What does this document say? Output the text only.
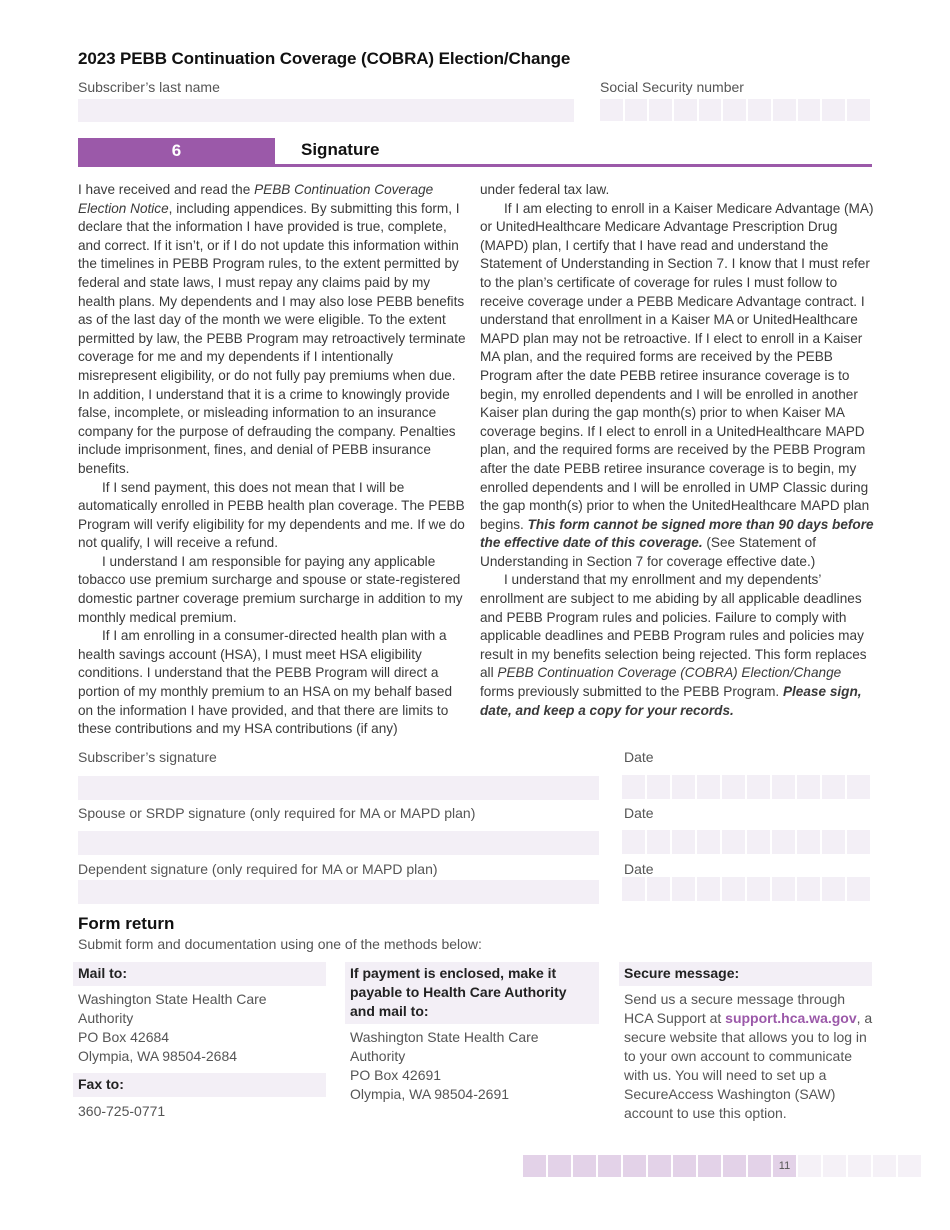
2023 PEBB Continuation Coverage (COBRA) Election/Change
Subscriber’s last name	Social Security number
6	Signature

I have received and read the PEBB Continuation Coverage Election Notice, including appendices. By submitting this form, I declare that the information I have provided is true, complete, and correct. If it isn’t, or if I do not update this information within the timelines in PEBB Program rules, to the extent permitted by federal and state laws, I must repay any claims paid by my health plans. My dependents and I may also lose PEBB benefits as of the last day of the month we were eligible. To the extent permitted by law, the PEBB Program may retroactively terminate coverage for me and my dependents if I intentionally misrepresent eligibility, or do not fully pay premiums when due. In addition, I understand that it is a crime to knowingly provide false, incomplete, or misleading information to an insurance company for the purpose of defrauding the company. Penalties include imprisonment, fines, and denial of PEBB insurance benefits.

If I send payment, this does not mean that I will be automatically enrolled in PEBB health plan coverage. The PEBB Program will verify eligibility for my dependents and me. If we do not qualify, I will receive a refund.

I understand I am responsible for paying any applicable tobacco use premium surcharge and spouse or state-registered domestic partner coverage premium surcharge in addition to my monthly medical premium.

If I am enrolling in a consumer-directed health plan with a health savings account (HSA), I must meet HSA eligibility conditions. I understand that the PEBB Program will direct a portion of my monthly premium to an HSA on my behalf based on the information I have provided, and that there are limits to these contributions and my HSA contributions (if any)

under federal tax law.

If I am electing to enroll in a Kaiser Medicare Advantage (MA) or UnitedHealthcare Medicare Advantage Prescription Drug (MAPD) plan, I certify that I have read and understand the Statement of Understanding in Section 7. I know that I must refer to the plan’s certificate of coverage for rules I must follow to receive coverage under a PEBB Medicare Advantage contract. I understand that enrollment in a Kaiser MA or UnitedHealthcare MAPD plan may not be retroactive. If I elect to enroll in a Kaiser MA plan, and the required forms are received by the PEBB Program after the date PEBB retiree insurance coverage is to begin, my enrolled dependents and I will be enrolled in another Kaiser plan during the gap month(s) prior to when Kaiser MA coverage begins. If I elect to enroll in a UnitedHealthcare MAPD plan, and the required forms are received by the PEBB Program after the date PEBB retiree insurance coverage is to begin, my enrolled dependents and I will be enrolled in UMP Classic during the gap month(s) prior to when the UnitedHealthcare MAPD plan begins. This form cannot be signed more than 90 days before the effective date of this coverage. (See Statement of Understanding in Section 7 for coverage effective date.)

I understand that my enrollment and my dependents’ enrollment are subject to me abiding by all applicable deadlines and PEBB Program rules and policies. Failure to comply with applicable deadlines and PEBB Program rules and policies may result in my benefits selection being rejected. This form replaces all PEBB Continuation Coverage (COBRA) Election/Change forms previously submitted to the PEBB Program. Please sign, date, and keep a copy for your records.

Subscriber’s signature	Date
Spouse or SRDP signature (only required for MA or MAPD plan)	Date
Dependent signature (only required for MA or MAPD plan)	Date
Form return
Submit form and documentation using one of the methods below:
Mail to:
Washington State Health Care
Authority
PO Box 42684
Olympia, WA 98504-2684
Fax to:
360-725-0771
If payment is enclosed, make it payable to Health Care Authority and mail to:
Washington State Health Care
Authority
PO Box 42691
Olympia, WA 98504-2691
Secure message:
Send us a secure message through HCA Support at support.hca.wa.gov, a secure website that allows you to log in to your own account to communicate with us. You will need to set up a SecureAccess Washington (SAW) account to use this option.
11
